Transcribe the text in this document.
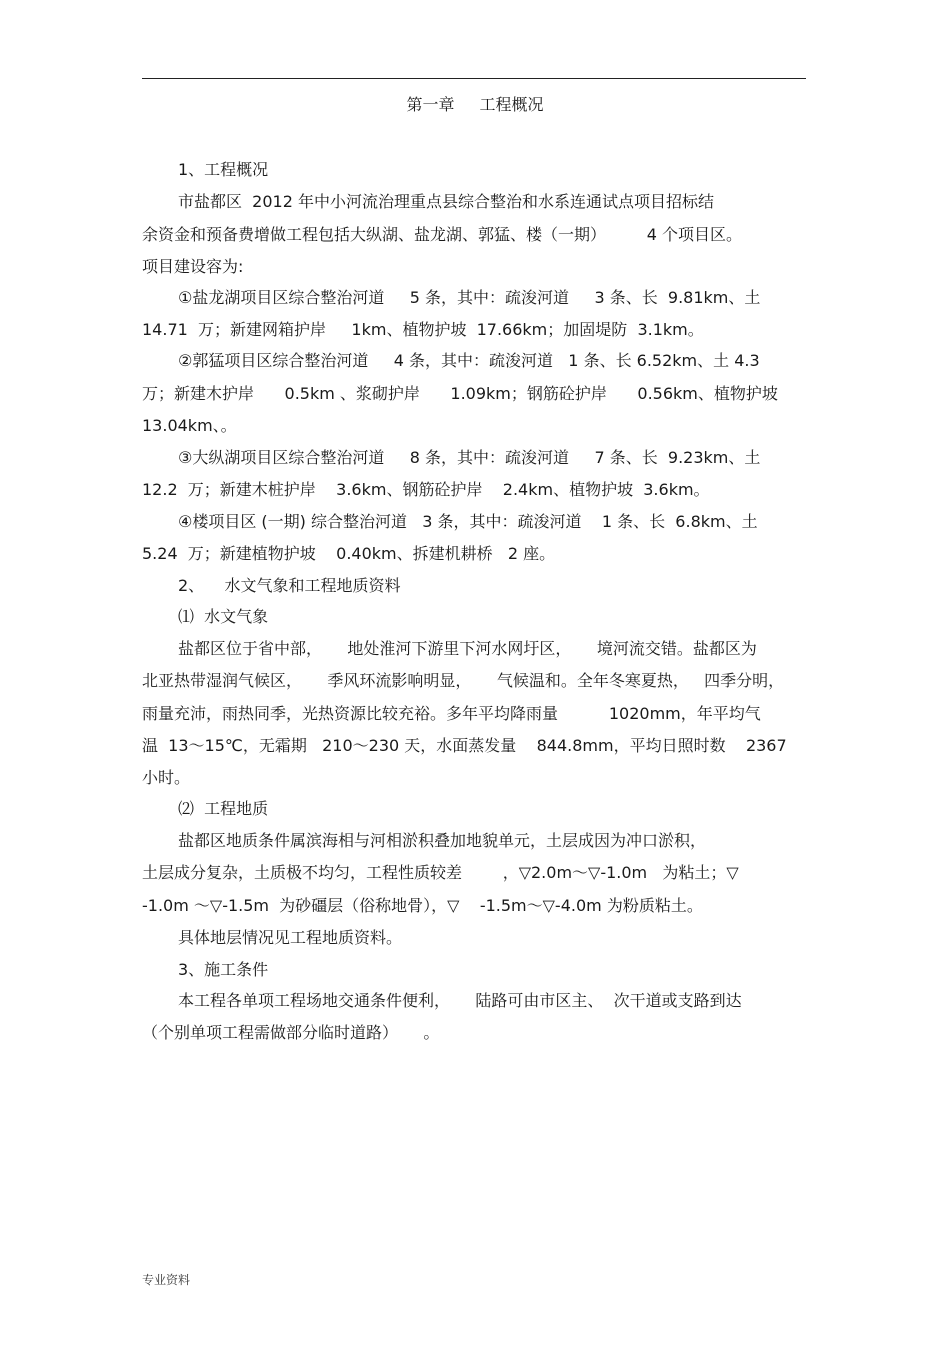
第一章 工程概况
1、工程概况
市盐都区  2012 年中小河流治理重点县综合整治和水系连通试点项目招标结
余资金和预备费增做工程包括大纵湖、盐龙湖、郭猛、楼（一期）        4 个项目区。
项目建设容为:
①盐龙湖项目区综合整治河道     5 条，其中：疏浚河道     3 条、长  9.81km、土
14.71  万；新建网箱护岸     1km、植物护坡  17.66km；加固堤防  3.1km。
②郭猛项目区综合整治河道     4 条，其中：疏浚河道   1 条、长 6.52km、土 4.3
万；新建木护岸      0.5km 、浆砌护岸      1.09km；钢筋砼护岸      0.56km、植物护坡
13.04km、。
③大纵湖项目区综合整治河道     8 条，其中：疏浚河道     7 条、长  9.23km、土
12.2  万；新建木桩护岸    3.6km、钢筋砼护岸    2.4km、植物护坡  3.6km。
④楼项目区 (一期) 综合整治河道   3 条，其中：疏浚河道    1 条、长  6.8km、土
5.24  万；新建植物护坡    0.40km、拆建机耕桥   2 座。
2、    水文气象和工程地质资料
⑴  水文气象
盐都区位于省中部，     地处淮河下游里下河水网圩区，     境河流交错。盐都区为
北亚热带湿润气候区，     季风环流影响明显，     气候温和。全年冬寒夏热，   四季分明，
雨量充沛，雨热同季，光热资源比较充裕。多年平均降雨量          1020mm，年平均气
温  13～15℃，无霜期   210～230 天，水面蒸发量    844.8mm，平均日照时数    2367
小时。
⑵  工程地质
盐都区地质条件属滨海相与河相淤积叠加地貌单元，土层成因为冲口淤积，
土层成分复杂，土质极不均匀，工程性质较差        ，▽2.0m～▽-1.0m   为粘土；▽
-1.0m ～▽-1.5m  为砂礓层（俗称地骨），▽    -1.5m～▽-4.0m 为粉质粘土。
具体地层情况见工程地质资料。
3、施工条件
本工程各单项工程场地交通条件便利，     陆路可由市区主、  次干道或支路到达
（个别单项工程需做部分临时道路）     。
专业资料
